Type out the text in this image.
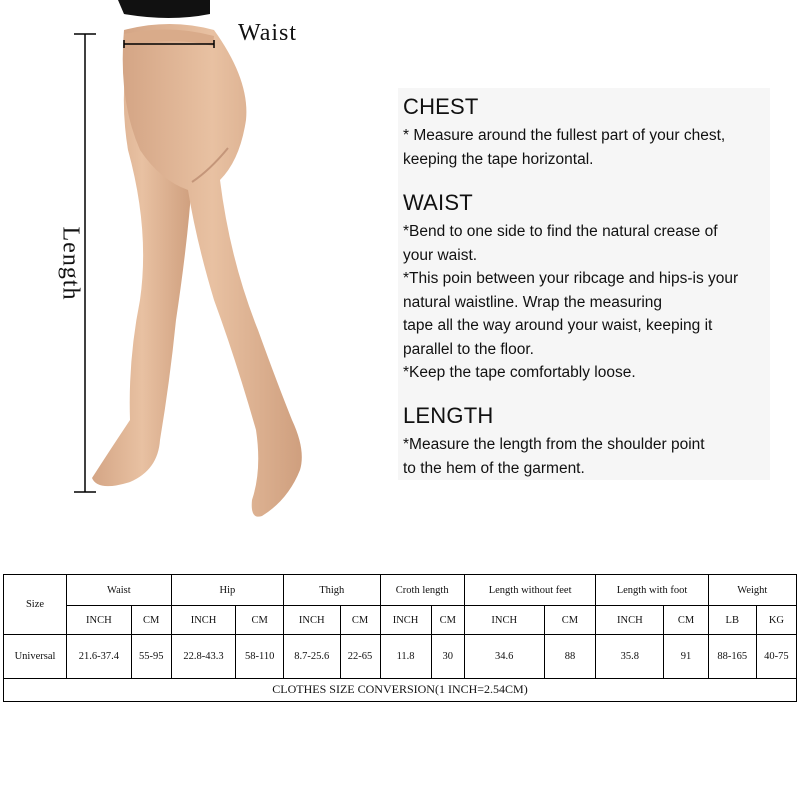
Waist
Length
CHEST

* Measure around the fullest part of your chest,

keeping the tape horizontal.

WAIST

*Bend to one side to find the natural crease of

your waist.

*This poin between your ribcage and hips-is your

natural waistline. Wrap the measuring

tape all the way around your waist, keeping it

parallel to the floor.

*Keep the tape comfortably loose.

LENGTH

*Measure the length from the shoulder point

to the hem of the garment.

Size	Waist		Hip		Thigh		Croth length		Length without feet		Length with foot		Weight	
	INCH	CM	INCH	CM	INCH	CM	INCH	CM	INCH	CM	INCH	CM	LB	KG
Universal	21.6-37.4	55-95	22.8-43.3	58-110	8.7-25.6	22-65	11.8	30	34.6	88	35.8	91	88-165	40-75
CLOTHES SIZE CONVERSION(1 INCH=2.54CM)														
